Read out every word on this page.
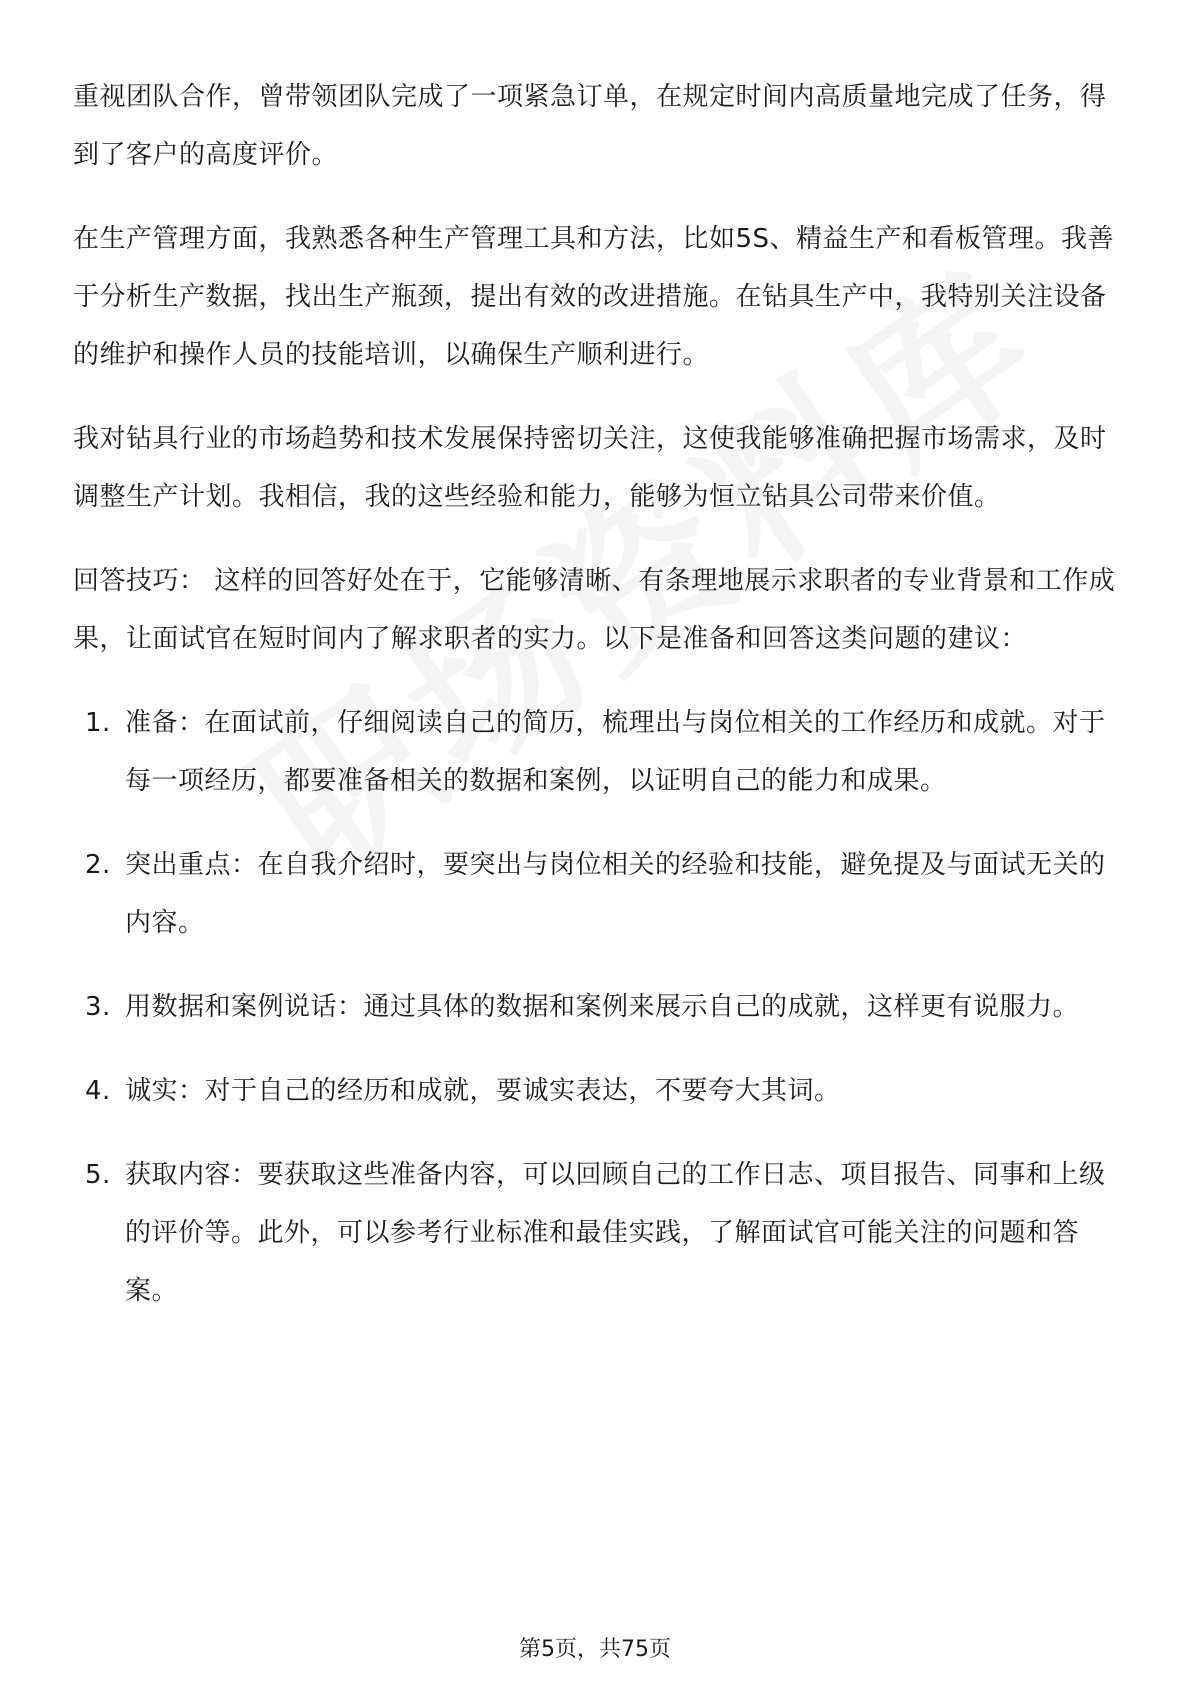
重视团队合作，曾带领团队完成了一项紧急订单，在规定时间内高质量地完成了任务，得到了客户的高度评价。

在生产管理方面，我熟悉各种生产管理工具和方法，比如5S、精益生产和看板管理。我善于分析生产数据，找出生产瓶颈，提出有效的改进措施。在钻具生产中，我特别关注设备的维护和操作人员的技能培训，以确保生产顺利进行。

我对钻具行业的市场趋势和技术发展保持密切关注，这使我能够准确把握市场需求，及时调整生产计划。我相信，我的这些经验和能力，能够为恒立钻具公司带来价值。

回答技巧： 这样的回答好处在于，它能够清晰、有条理地展示求职者的专业背景和工作成果，让面试官在短时间内了解求职者的实力。以下是准备和回答这类问题的建议：

1. 准备：在面试前，仔细阅读自己的简历，梳理出与岗位相关的工作经历和成就。对于每一项经历，都要准备相关的数据和案例，以证明自己的能力和成果。
2. 突出重点：在自我介绍时，要突出与岗位相关的经验和技能，避免提及与面试无关的内容。
3. 用数据和案例说话：通过具体的数据和案例来展示自己的成就，这样更有说服力。
4. 诚实：对于自己的经历和成就，要诚实表达，不要夸大其词。
5. 获取内容：要获取这些准备内容，可以回顾自己的工作日志、项目报告、同事和上级的评价等。此外，可以参考行业标准和最佳实践，了解面试官可能关注的问题和答案。
第5页，共75页
